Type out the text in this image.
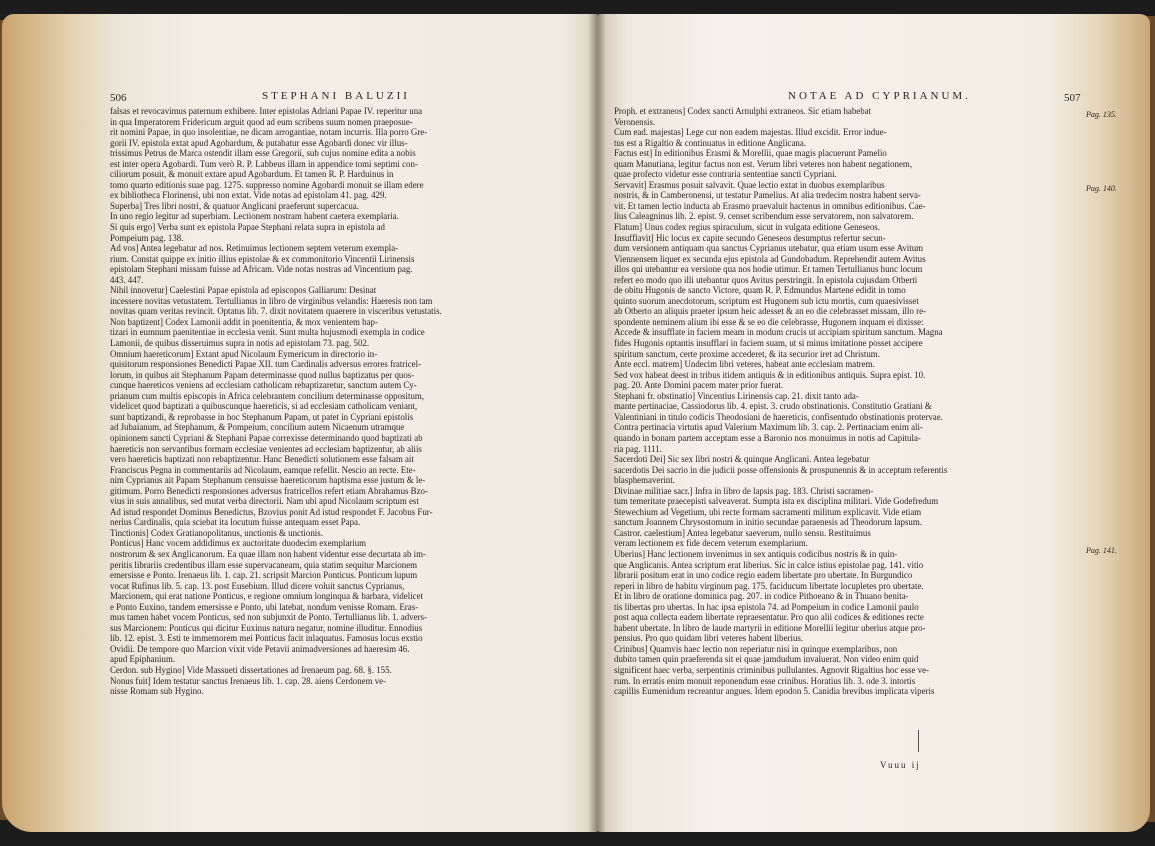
506	STEPHANI BALUZII

falsas et revocavimus paternum exhibere. Inter epistolas Adriani Papae IV. reperitur una

in qua Imperatorem Fridericum arguit quod ad eum scribens suum nomen praeposue-

rit nomini Papae, in quo insolentiae, ne dicam arrogantiae, notam incurris. Illa porro Gre-

gorii IV. epistola extat apud Agobardum, & putabatur esse Agobardi donec vir illus-

trissimus Petrus de Marca ostendit illam esse Gregorii, sub cujus nomine edita a nobis

est inter opera Agobardi. Tum verò R. P. Labbeus illam in appendice tomi septimi con-

ciliorum posuit, & monuit extare apud Agobardum. Et tamen R. P. Harduinus in

tomo quarto editionis suae pag. 1275. suppresso nomine Agobardi monuit se illam edere

ex bibliotheca Florinensi, ubi non extat. Vide notas ad epistolam 41. pag. 429.

Superba] Tres libri nostri, & quatuor Anglicani praeferunt supercacua.

In uno regio legitur ad superbiam. Lectionem nostram habent caetera exemplaria.

Si quis ergo] Verba sunt ex epistola Papae Stephani relata supra in epistola ad

Pompeium pag. 138.

Ad vos] Antea legebatur ad nos. Retinuimus lectionem septem veterum exempla-

rium. Constat quippe ex initio illius epistolae & ex commonitorio Vincentii Lirinensis

epistolam Stephani missam fuisse ad Africam. Vide notas nostras ad Vincentium pag.

443. 447.

Nihil innovetur] Caelestini Papae epistola ad episcopos Galliarum: Desinat

incessere novitas vetustatem. Tertullianus in libro de virginibus velandis: Haeresis non tam

novitas quam veritas revincit. Optatus lib. 7. dixit novitatem quaerere in visceribus vetustatis.

Non baptizent] Codex Lamonii addit in poenitentia, & mox venientem bap-

tizari in eumnum paenitentiae in ecclesia venit. Sunt multa hujusmodi exempla in codice

Lamonii, de quibus disseruimus supra in notis ad epistolam 73. pag. 502.

Omnium haereticorum] Extant apud Nicolaum Eymericum in directorio in-

quisitorum responsiones Benedicti Papae XII. tum Cardinalis adversus errores fratricel-

lorum, in quibus ait Stephanum Papam determinasse quod nullus baptizatus per quos-

cunque haereticos veniens ad ecclesiam catholicam rebaptizaretur, sanctum autem Cy-

prianum cum multis episcopis in Africa celebrantem concilium determinasse oppositum,

videlicet quod baptizati a quibuscunque haereticis, si ad ecclesiam catholicam veniant,

sunt baptizandi, & reprobasse in hoc Stephanum Papam, ut patet in Cypriani epistolis

ad Jubaianum, ad Stephanum, & Pompeium, concilium autem Nicaenum utramque

opinionem sancti Cypriani & Stephani Papae correxisse determinando quod baptizati ab

haereticis non servantibus formam ecclesiae venientes ad ecclesiam baptizentur, ab aliis

vero haereticis baptizati non rebaptizentur. Hanc Benedicti solutionem esse falsam ait

Franciscus Pegna in commentariis ad Nicolaum, eamque refellit. Nescio an recte. Ete-

nim Cyprianus ait Papam Stephanum censuisse haereticorum baptisma esse justum & le-

gitimum. Porro Benedicti responsiones adversus fratricellos refert etiam Abrahamus Bzo-

vius in suis annalibus, sed mutat verba directorii. Nam ubi apud Nicolaum scriptum est

Ad istud respondet Dominus Benedictus, Bzovius ponit Ad istud respondet F. Jacobus Fur-

nerius Cardinalis, quia sciebat ita locutum fuisse antequam esset Papa.

Tinctionis] Codex Gratianopolitanus, unctionis & unctionis.

Ponticus] Hanc vocem addidimus ex auctoritate duodecim exemplarium

nostrorum & sex Anglicanorum. Ea quae illam non habent videntur esse decurtata ab im-

peritis librariis credentibus illam esse supervacaneam, quia statim sequitur Marcionem

emersisse e Ponto. Irenaeus lib. 1. cap. 21. scripsit Marcion Ponticus. Ponticum lupum

vocat Rufinus lib. 5. cap. 13. post Eusebium. Illud dicere voluit sanctus Cyprianus,

Marcionem, qui erat natione Ponticus, e regione omnium longinqua & barbara, videlicet

e Ponto Euxino, tandem emersisse e Ponto, ubi latebat, nondum venisse Romam. Eras-

mus tamen habet vocem Ponticus, sed non subjunxit de Ponto. Tertullianus lib. 1. advers-

sus Marcionem: Ponticus qui dicitur Euxinus natura negatur, nomine illuditur. Ennodius

lib. 12. epist. 3. Esti te immemorem mei Ponticus facit inlaquatus. Famosus locus exstio

Ovidii. De tempore quo Marcion vixit vide Petavii animadversiones ad haeresim 46.

apud Epiphanium.

Cerdon. sub Hygino] Vide Massueti dissertationes ad Irenaeum pag. 68. §. 155.

Nonus fuit] Idem testatur sanctus Irenaeus lib. 1. cap. 28. aiens Cerdonem ve-

nisse Romam sub Hygino.

NOTAE AD CYPRIANUM.	507

Proph. et extraneos] Codex sancti Arnulphi extraneos. Sic etiam habebat

Veronensis.

Cum ead. majestas] Lege cur non eadem majestas. Illud excidit. Error indue-

tus est a Rigaltio & continuatus in editione Anglicana.

Factus est] In editionibus Erasmi & Morellii, quae magis placuerunt Pamelio

quam Manutiana, legitur factus non est. Verum libri veteres non habent negationem,

quae profecto videtur esse contraria sententiae sancti Cypriani.

Servavit] Erasmus posuit salvavit. Quae lectio extat in duobus exemplaribus

nostris, & in Camberonensi, ut testatur Pamelius. At alia tredecim nostra habent serva-

vit. Et tamen lectio inducta ab Erasmo praevaluit hactenus in omnibus editionibus. Cae-

lius Caleagninus lib. 2. epist. 9. censet scribendum esse servatorem, non salvatorem.

Flatum] Unus codex regius spiraculum, sicut in vulgata editione Geneseos.

Insufflavit] Hic locus ex capite secundo Geneseos desumptus refertur secun-

dum versionem antiquam qua sanctus Cyprianus utebatur, qua etiam usum esse Avitum

Viennensem liquet ex secunda ejus epistola ad Gundobadum. Reprehendit autem Avitus

illos qui utebantur ea versione qua nos hodie utimur. Et tamen Tertullianus hunc locum

refert eo modo quo illi utebantur quos Avitus perstringit. In epistola cujusdam Otberti

de obitu Hugonis de sancto Victore, quam R. P. Edmundus Martene edidit in tomo

quinto suorum anecdotorum, scriptum est Hugonem sub ictu mortis, cum quaesivisset

ab Otberto an aliquis praeter ipsum heic adesset & an eo die celebrasset missam, illo re-

spondente neminem alium ibi esse & se eo die celebrasse, Hugonem inquam ei dixisse:

Accede & insufflate in faciem meam in modum crucis ut accipiam spiritum sanctum. Magna

fides Hugonis optantis insufflari in faciem suam, ut si minus imitatione posset accipere

spiritum sanctum, certe proxime accederet, & ita securior iret ad Christum.

Ante eccl. matrem] Undecim libri veteres, habeat ante ecclesiam matrem.

Sed vox habeat deest in tribus itidem antiquis & in editionibus antiquis. Supra epist. 10.

pag. 20. Ante Domini pacem mater prior fuerat.

Stephani fr. obstinatio] Vincentius Lirinensis cap. 21. dixit tanto ada-

mante pertinaciae, Cassiodorus lib. 4. epist. 3. crudo obstinationis. Constitutio Gratiani &

Valentiniani in titulo codicis Theodosiani de haereticis, confisentudo obstinationis protervae.

Contra pertinacia virtutis apud Valerium Maximum lib. 3. cap. 2. Pertinaciam enim ali-

quando in bonam partem acceptam esse a Baronio nos monuimus in notis ad Capitula-

ria pag. 1111.

Sacerdoti Dei] Sic sex libri nostri & quinque Anglicani. Antea legebatur

sacerdotis Dei sacrio in die judicii posse offensionis & prospunennis & in acceptum referentis

blasphemaverint.

Divinae militiae sacr.] Infra in libro de lapsis pag. 183. Christi sacramen-

tum temeritate praecepisti salveaverat. Sumpta ista ex disciplina militari. Vide Godefredum

Stewechium ad Vegetium, ubi recte formam sacramenti militum explicavit. Vide etiam

sanctum Joannem Chrysostomum in initio secundae paraenesis ad Theodorum lapsum.

Castror. caelestium] Antea legebatur saeverum, nullo sensu. Restituimus

veram lectionem ex fide decem veterum exemplarium.

Uberius] Hanc lectionem invenimus in sex antiquis codicibus nostris & in quin-

que Anglicanis. Antea scriptum erat liberius. Sic in calce istius epistolae pag. 141. vitio

librarii positum erat in uno codice regio eadem libertate pro ubertate. In Burgundico

reperi in libro de habitu virginum pag. 175. faciducum libertate locupletes pro ubertate.

Et in libro de oratione dominica pag. 207. in codice Pithoeano & in Thuano benita-

tis libertas pro ubertas. In hac ipsa epistola 74. ad Pompeium in codice Lamonii paulo

post aqua collecta eadem libertate repraesentatur. Pro quo alii codices & editiones recte

habent ubertate. In libro de laude martyrii in editione Morellii legitur uberius atque pro-

pensius. Pro quo quidam libri veteres habent liberius.

Crinibus] Quamvis haec lectio non reperiatur nisi in quinque exemplaribus, non

dubito tamen quin praeferenda sit ei quae jamdudum invaluerat. Non video enim quid

significent haec verba, serpentinis criminibus pullulantes. Agnovit Rigaltius hoc esse ve-

rum. In erratis enim monuit reponendum esse crinibus. Horatius lib. 3. ode 3. intortis

capillis Eumenidum recreantur angues. Idem epodon 5. Canidia brevibus implicata viperis

Pag. 135.
Pag. 140.
Pag. 141.
Vuuu ij
